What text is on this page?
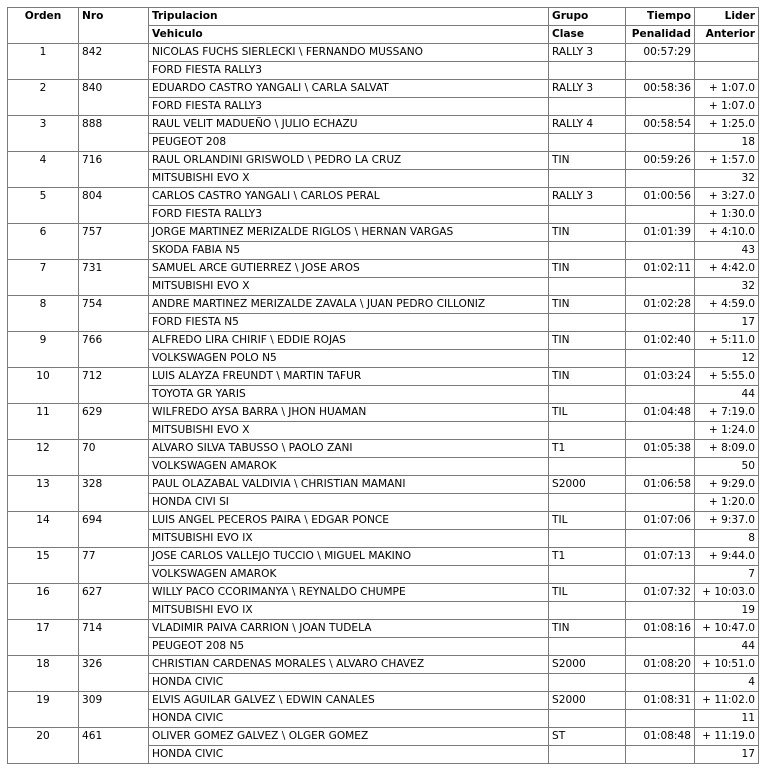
Orden	Nro	Tripulacion	Grupo	Tiempo	Lider
		Vehiculo	Clase	Penalidad	Anterior
1	842	NICOLAS FUCHS SIERLECKI \ FERNANDO MUSSANO	RALLY 3	00:57:29	
		FORD FIESTA RALLY3			
2	840	EDUARDO CASTRO YANGALI \ CARLA SALVAT	RALLY 3	00:58:36	+ 1:07.0
		FORD FIESTA RALLY3			+ 1:07.0
3	888	RAUL VELIT MADUEÑO \ JULIO ECHAZU	RALLY 4	00:58:54	+ 1:25.0
		PEUGEOT 208			18
4	716	RAUL ORLANDINI GRISWOLD \ PEDRO LA CRUZ	TIN	00:59:26	+ 1:57.0
		MITSUBISHI EVO X			32
5	804	CARLOS CASTRO YANGALI \ CARLOS PERAL	RALLY 3	01:00:56	+ 3:27.0
		FORD FIESTA RALLY3			+ 1:30.0
6	757	JORGE MARTINEZ MERIZALDE RIGLOS \ HERNAN VARGAS	TIN	01:01:39	+ 4:10.0
		SKODA FABIA N5			43
7	731	SAMUEL ARCE GUTIERREZ \ JOSE AROS	TIN	01:02:11	+ 4:42.0
		MITSUBISHI EVO X			32
8	754	ANDRE MARTINEZ MERIZALDE ZAVALA \ JUAN PEDRO CILLONIZ	TIN	01:02:28	+ 4:59.0
		FORD FIESTA N5			17
9	766	ALFREDO LIRA CHIRIF \ EDDIE ROJAS	TIN	01:02:40	+ 5:11.0
		VOLKSWAGEN POLO N5			12
10	712	LUIS ALAYZA FREUNDT \ MARTIN TAFUR	TIN	01:03:24	+ 5:55.0
		TOYOTA GR YARIS			44
11	629	WILFREDO AYSA BARRA \ JHON HUAMAN	TIL	01:04:48	+ 7:19.0
		MITSUBISHI EVO X			+ 1:24.0
12	70	ALVARO SILVA TABUSSO \ PAOLO ZANI	T1	01:05:38	+ 8:09.0
		VOLKSWAGEN AMAROK			50
13	328	PAUL OLAZABAL VALDIVIA \ CHRISTIAN MAMANI	S2000	01:06:58	+ 9:29.0
		HONDA CIVI SI			+ 1:20.0
14	694	LUIS ANGEL PECEROS PAIRA \ EDGAR PONCE	TIL	01:07:06	+ 9:37.0
		MITSUBISHI EVO IX			8
15	77	JOSE CARLOS VALLEJO TUCCIO \ MIGUEL MAKINO	T1	01:07:13	+ 9:44.0
		VOLKSWAGEN AMAROK			7
16	627	WILLY PACO CCORIMANYA \ REYNALDO CHUMPE	TIL	01:07:32	+ 10:03.0
		MITSUBISHI EVO IX			19
17	714	VLADIMIR PAIVA CARRION \ JOAN TUDELA	TIN	01:08:16	+ 10:47.0
		PEUGEOT 208 N5			44
18	326	CHRISTIAN CARDENAS MORALES \ ALVARO CHAVEZ	S2000	01:08:20	+ 10:51.0
		HONDA CIVIC			4
19	309	ELVIS AGUILAR GALVEZ \ EDWIN CANALES	S2000	01:08:31	+ 11:02.0
		HONDA CIVIC			11
20	461	OLIVER GOMEZ GALVEZ \ OLGER GOMEZ	ST	01:08:48	+ 11:19.0
		HONDA CIVIC			17
